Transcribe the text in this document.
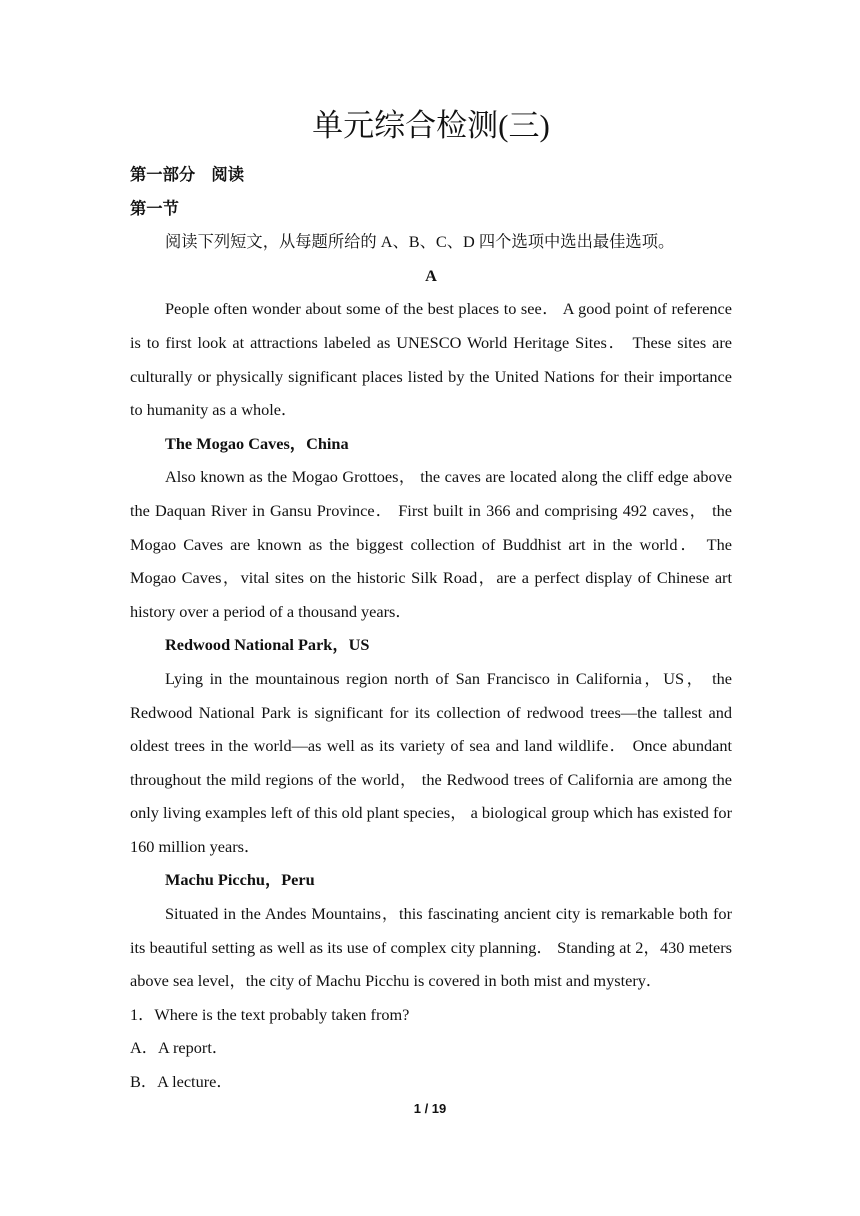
单元综合检测(三)

第一部分　阅读

第一节

阅读下列短文，从每题所给的 A、B、C、D 四个选项中选出最佳选项。

A

People often wonder about some of the best places to see． A good point of reference is to first look at attractions labeled as UNESCO World Heritage Sites． These sites are culturally or physically significant places listed by the United Nations for their importance to humanity as a whole．

The Mogao Caves，China

Also known as the Mogao Grottoes， the caves are located along the cliff edge above the Daquan River in Gansu Province． First built in 366 and comprising 492 caves， the Mogao Caves are known as the biggest collection of Buddhist art in the world． The Mogao Caves，vital sites on the historic Silk Road，are a perfect display of Chinese art history over a period of a thousand years．

Redwood National Park，US

Lying in the mountainous region north of San Francisco in California，US， the Redwood National Park is significant for its collection of redwood trees—the tallest and oldest trees in the world—as well as its variety of sea and land wildlife． Once abundant throughout the mild regions of the world， the Redwood trees of California are among the only living examples left of this old plant species， a biological group which has existed for 160 million years．

Machu Picchu，Peru

Situated in the Andes Mountains，this fascinating ancient city is remarkable both for its beautiful setting as well as its use of complex city planning． Standing at 2，430 meters above sea level，the city of Machu Picchu is covered in both mist and mystery．

1．Where is the text probably taken from?

A．A report．

B．A lecture．

1 / 19
